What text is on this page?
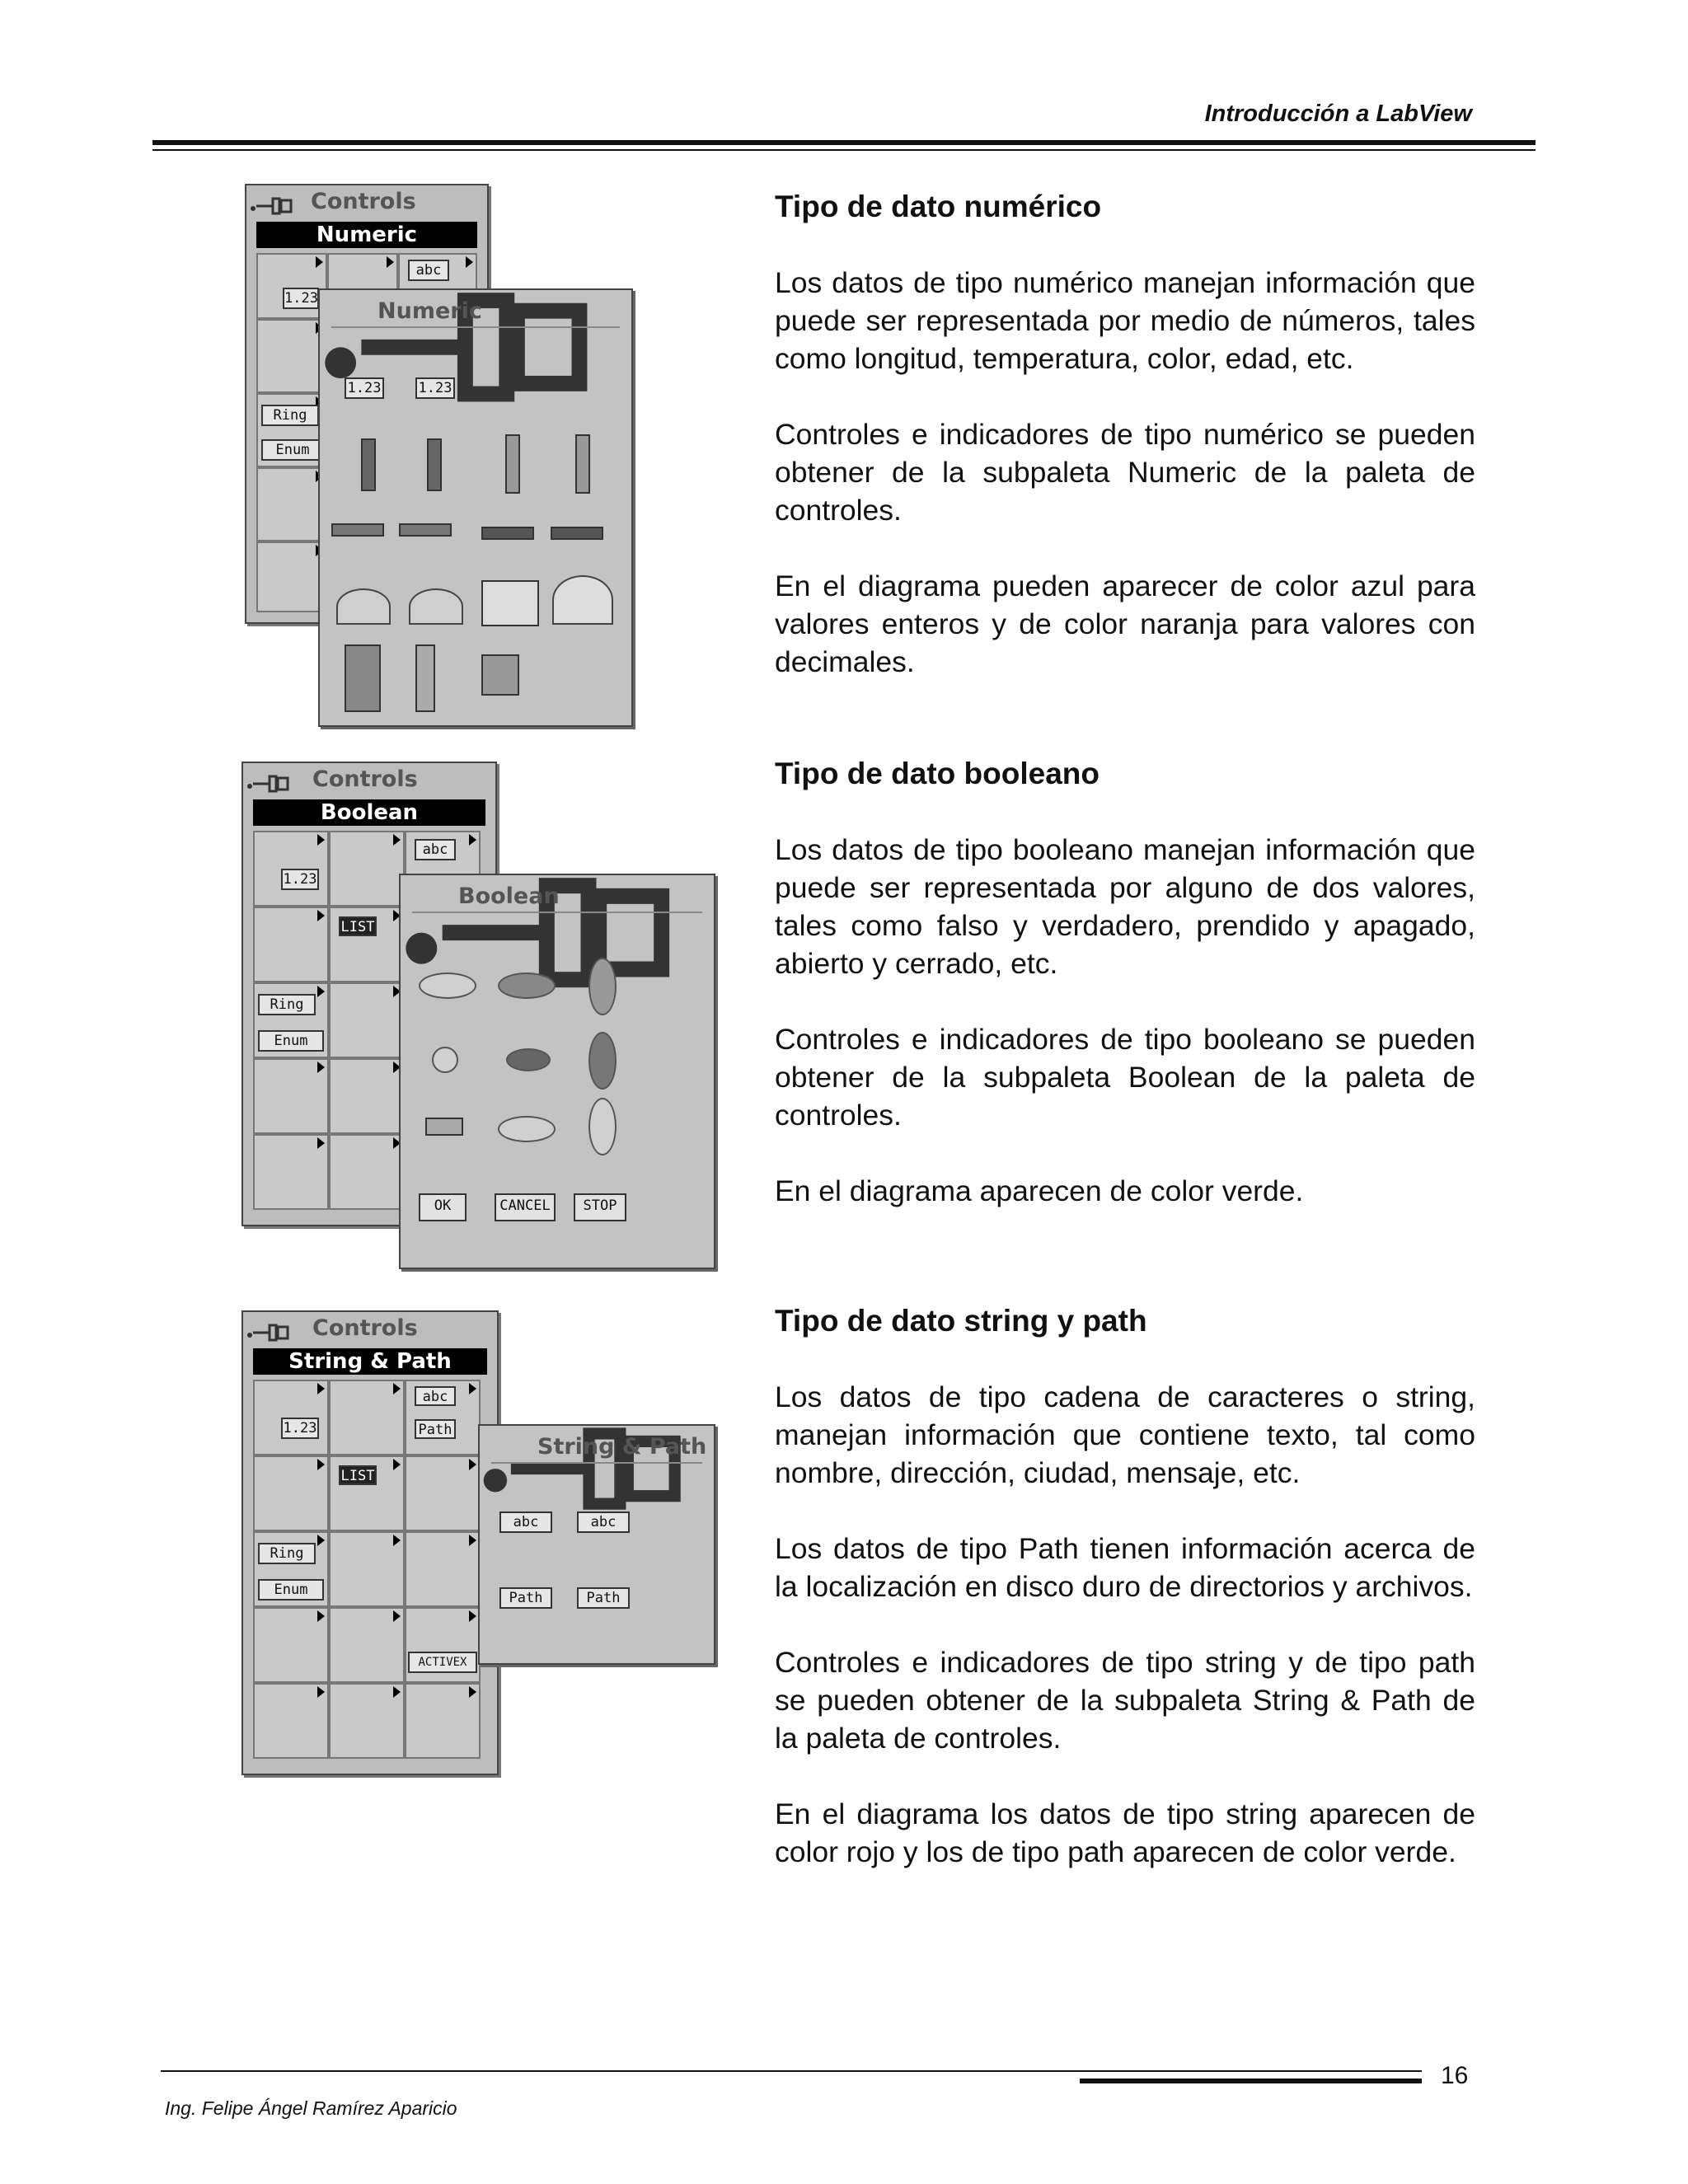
Introducción a LabView
Controls
Numeric
1.23
abc
Ring
Enum
Numeric
1.23	1.23
Tipo de dato numérico

Los datos de tipo numérico manejan información que puede ser representada por medio de números, tales como longitud, temperatura, color, edad, etc.

Controles e indicadores de tipo numérico se pueden obtener de la subpaleta Numeric de la paleta de controles.

En el diagrama pueden aparecer de color azul para valores enteros y de color naranja para valores con decimales.

Controls
Boolean
1.23
abc
LIST
Ring
Enum
Boolean
OK	CANCEL	STOP
Tipo de dato booleano

Los datos de tipo booleano manejan información que puede ser representada por alguno de dos valores, tales como falso y verdadero, prendido y apagado, abierto y cerrado, etc.

Controles e indicadores de tipo booleano se pueden obtener de la subpaleta Boolean de la paleta de controles.

En el diagrama aparecen de color verde.

Controls
String & Path
1.23
abc
Path
LIST
Ring
Enum
ACTIVEX
String & Path
abc	abc
Path	Path
Tipo de dato string y path

Los datos de tipo cadena de caracteres o string, manejan información que contiene texto, tal como nombre, dirección, ciudad, mensaje, etc.

Los datos de tipo Path tienen información acerca de la localización en disco duro de directorios y archivos.

Controles e indicadores de tipo string y de tipo path se pueden obtener de la subpaleta String & Path de la paleta de controles.

En el diagrama los datos de tipo string aparecen de color rojo y los de tipo path aparecen de color verde.

16
Ing. Felipe Ángel Ramírez Aparicio
